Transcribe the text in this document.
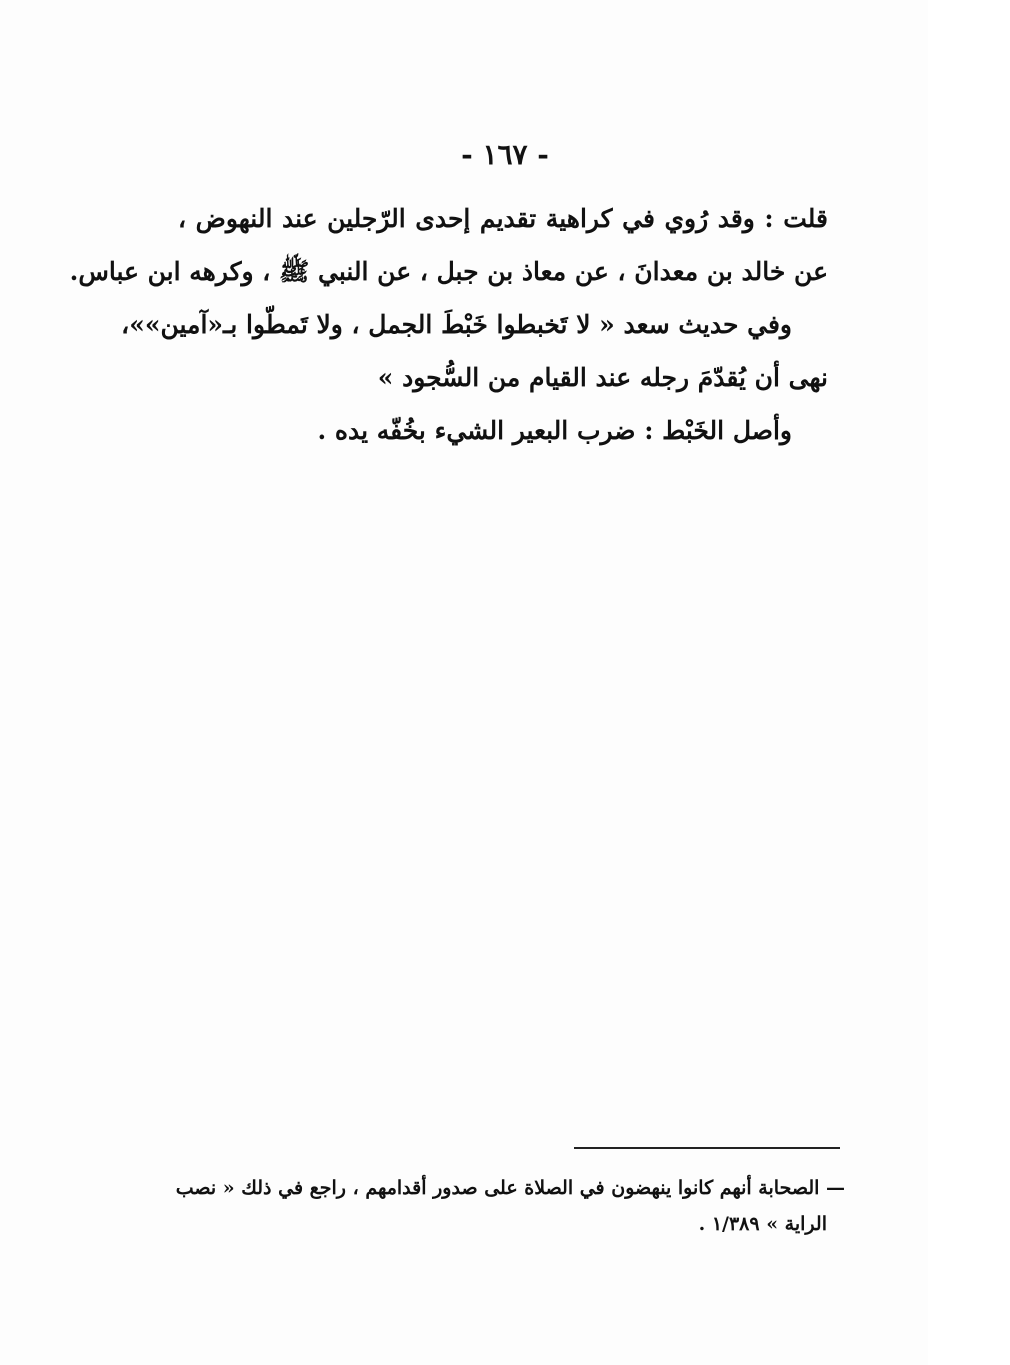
- ١٦٧ -
قلت : وقد رُوي في كراهية تقديم إحدى الرّجلين عند النهوض ،
عن خالد بن معدانَ ، عن معاذ بن جبل ، عن النبي ﷺ ، وكرهه ابن عباس.
وفي حديث سعد « لا تَخبطوا خَبْطَ الجمل ، ولا تَمطّوا بـ«آمين»»،
نهى أن يُقدّمَ رجله عند القيام من السُّجود »
وأصل الخَبْط : ضرب البعير الشيء بخُفّه يده .
— الصحابة أنهم كانوا ينهضون في الصلاة على صدور أقدامهم ، راجع في ذلك « نصب
الراية » ١/٣٨٩ .
